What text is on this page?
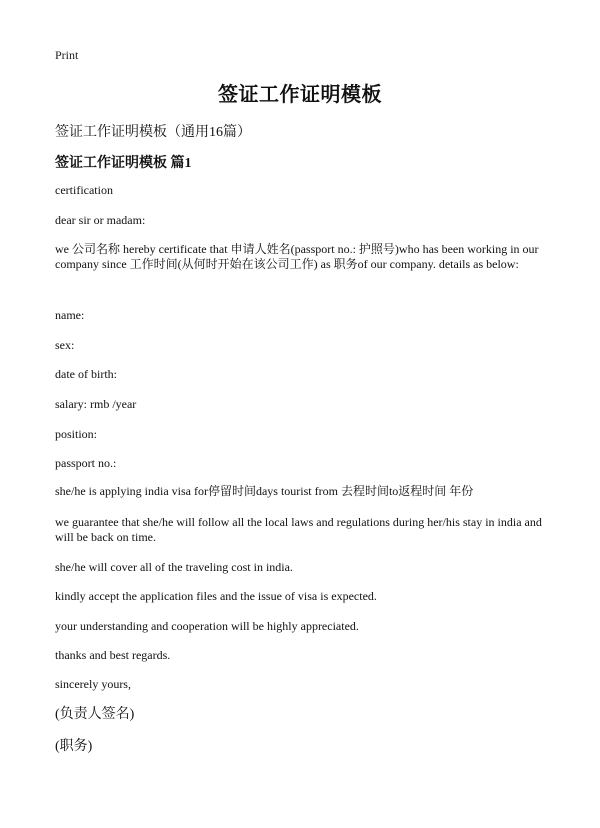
Print
签证工作证明模板
签证工作证明模板（通用16篇）
签证工作证明模板 篇1

certification

dear sir or madam:

we 公司名称 hereby certificate that 申请人姓名(passport no.: 护照号)who has been working in our company since 工作时间(从何时开始在该公司工作) as 职务of our company. details as below:

name:

sex:

date of birth:

salary: rmb /year

position:

passport no.:

she/he is applying india visa for停留时间days tourist from 去程时间to返程时间 年份

we guarantee that she/he will follow all the local laws and regulations during her/his stay in india and will be back on time.

she/he will cover all of the traveling cost in india.

kindly accept the application files and the issue of visa is expected.

your understanding and cooperation will be highly appreciated.

thanks and best regards.

sincerely yours,

(负责人签名)

(职务)
